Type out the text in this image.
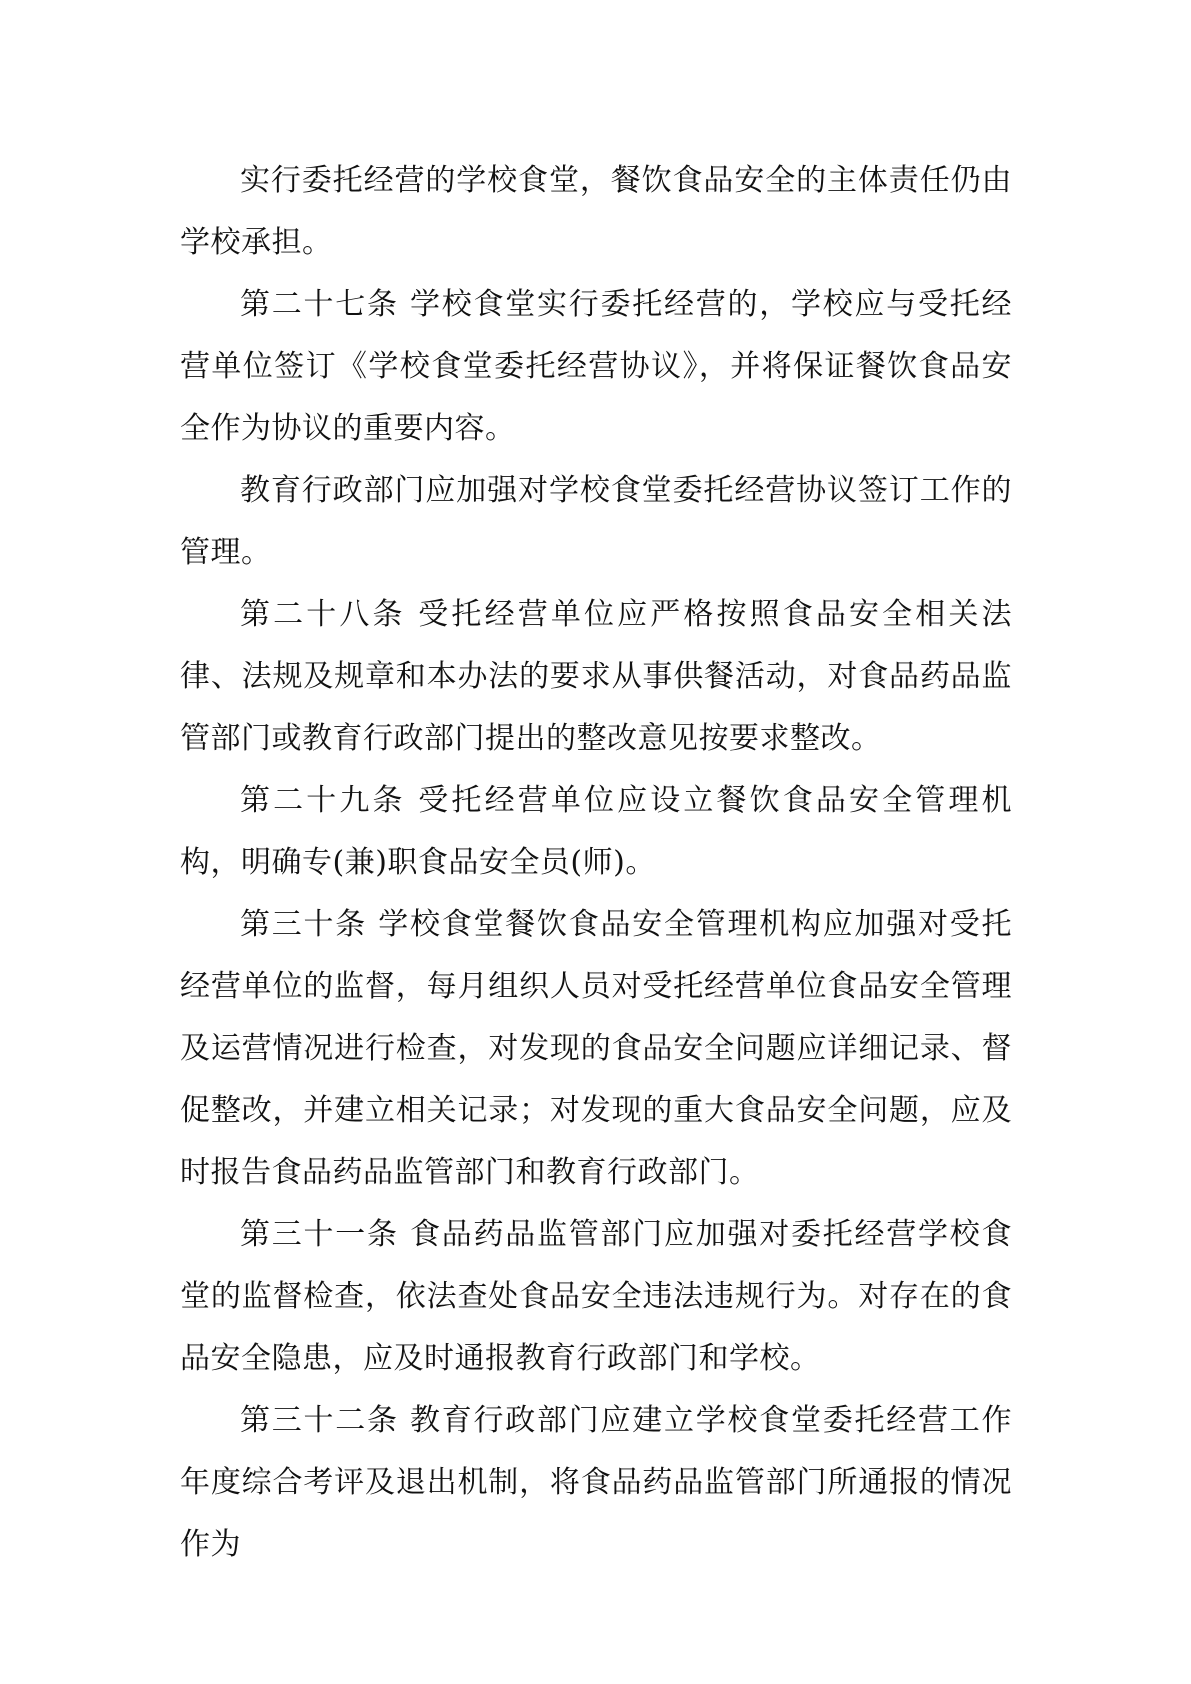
实行委托经营的学校食堂，餐饮食品安全的主体责任仍由学校承担。

第二十七条 学校食堂实行委托经营的，学校应与受托经营单位签订《学校食堂委托经营协议》，并将保证餐饮食品安全作为协议的重要内容。

教育行政部门应加强对学校食堂委托经营协议签订工作的管理。

第二十八条 受托经营单位应严格按照食品安全相关法律、法规及规章和本办法的要求从事供餐活动，对食品药品监管部门或教育行政部门提出的整改意见按要求整改。

第二十九条 受托经营单位应设立餐饮食品安全管理机构，明确专(兼)职食品安全员(师)。

第三十条 学校食堂餐饮食品安全管理机构应加强对受托经营单位的监督，每月组织人员对受托经营单位食品安全管理及运营情况进行检查，对发现的食品安全问题应详细记录、督促整改，并建立相关记录；对发现的重大食品安全问题，应及时报告食品药品监管部门和教育行政部门。

第三十一条 食品药品监管部门应加强对委托经营学校食堂的监督检查，依法查处食品安全违法违规行为。对存在的食品安全隐患，应及时通报教育行政部门和学校。

第三十二条 教育行政部门应建立学校食堂委托经营工作年度综合考评及退出机制，将食品药品监管部门所通报的情况作为
